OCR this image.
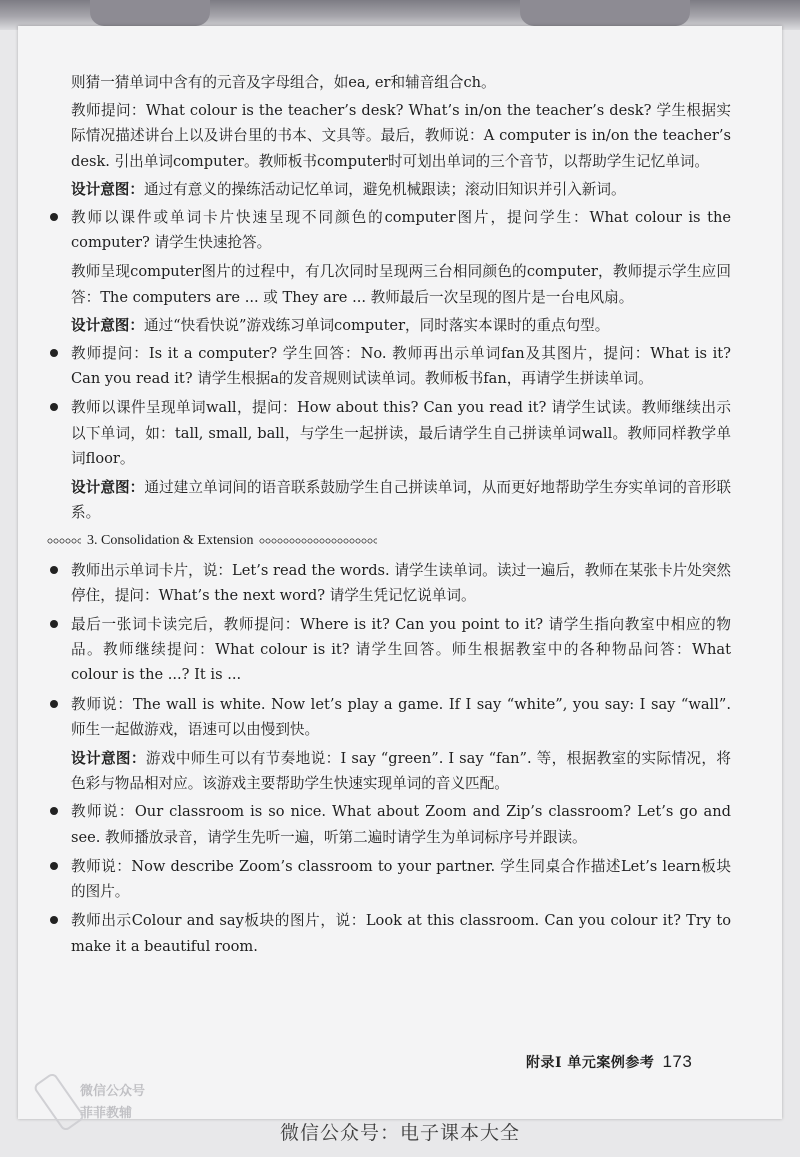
则猜一猜单词中含有的元音及字母组合，如ea, er和辅音组合ch。
教师提问：What colour is the teacher’s desk? What’s in/on the teacher’s desk? 学生根据实际情况描述讲台上以及讲台里的书本、文具等。最后，教师说：A computer is in/on the teacher’s desk. 引出单词computer。教师板书computer时可划出单词的三个音节，以帮助学生记忆单词。
设计意图：通过有意义的操练活动记忆单词，避免机械跟读；滚动旧知识并引入新词。
教师以课件或单词卡片快速呈现不同颜色的computer图片，提问学生：What colour is the computer? 请学生快速抢答。
教师呈现computer图片的过程中，有几次同时呈现两三台相同颜色的computer，教师提示学生应回答：The computers are ... 或 They are ... 教师最后一次呈现的图片是一台电风扇。
设计意图：通过“快看快说”游戏练习单词computer，同时落实本课时的重点句型。
教师提问：Is it a computer? 学生回答：No. 教师再出示单词fan及其图片，提问：What is it? Can you read it? 请学生根据a的发音规则试读单词。教师板书fan，再请学生拼读单词。
教师以课件呈现单词wall，提问：How about this? Can you read it? 请学生试读。教师继续出示以下单词，如：tall, small, ball，与学生一起拼读，最后请学生自己拼读单词wall。教师同样教学单词floor。
设计意图：通过建立单词间的语音联系鼓励学生自己拼读单词，从而更好地帮助学生夯实单词的音形联系。
3. Consolidation & Extension
教师出示单词卡片，说：Let’s read the words. 请学生读单词。读过一遍后，教师在某张卡片处突然停住，提问：What’s the next word? 请学生凭记忆说单词。
最后一张词卡读完后，教师提问：Where is it? Can you point to it? 请学生指向教室中相应的物品。教师继续提问：What colour is it? 请学生回答。师生根据教室中的各种物品问答：What colour is the ...? It is ...
教师说：The wall is white. Now let’s play a game. If I say “white”, you say: I say “wall”. 师生一起做游戏，语速可以由慢到快。
设计意图：游戏中师生可以有节奏地说：I say “green”. I say “fan”. 等，根据教室的实际情况，将色彩与物品相对应。该游戏主要帮助学生快速实现单词的音义匹配。
教师说：Our classroom is so nice. What about Zoom and Zip’s classroom? Let’s go and see. 教师播放录音，请学生先听一遍，听第二遍时请学生为单词标序号并跟读。
教师说：Now describe Zoom’s classroom to your partner. 学生同桌合作描述Let’s learn板块的图片。
教师出示Colour and say板块的图片，说：Look at this classroom. Can you colour it? Try to make it a beautiful room.
微信公众号
菲菲教辅
附录I 单元案例参考 173
微信公众号：电子课本大全
